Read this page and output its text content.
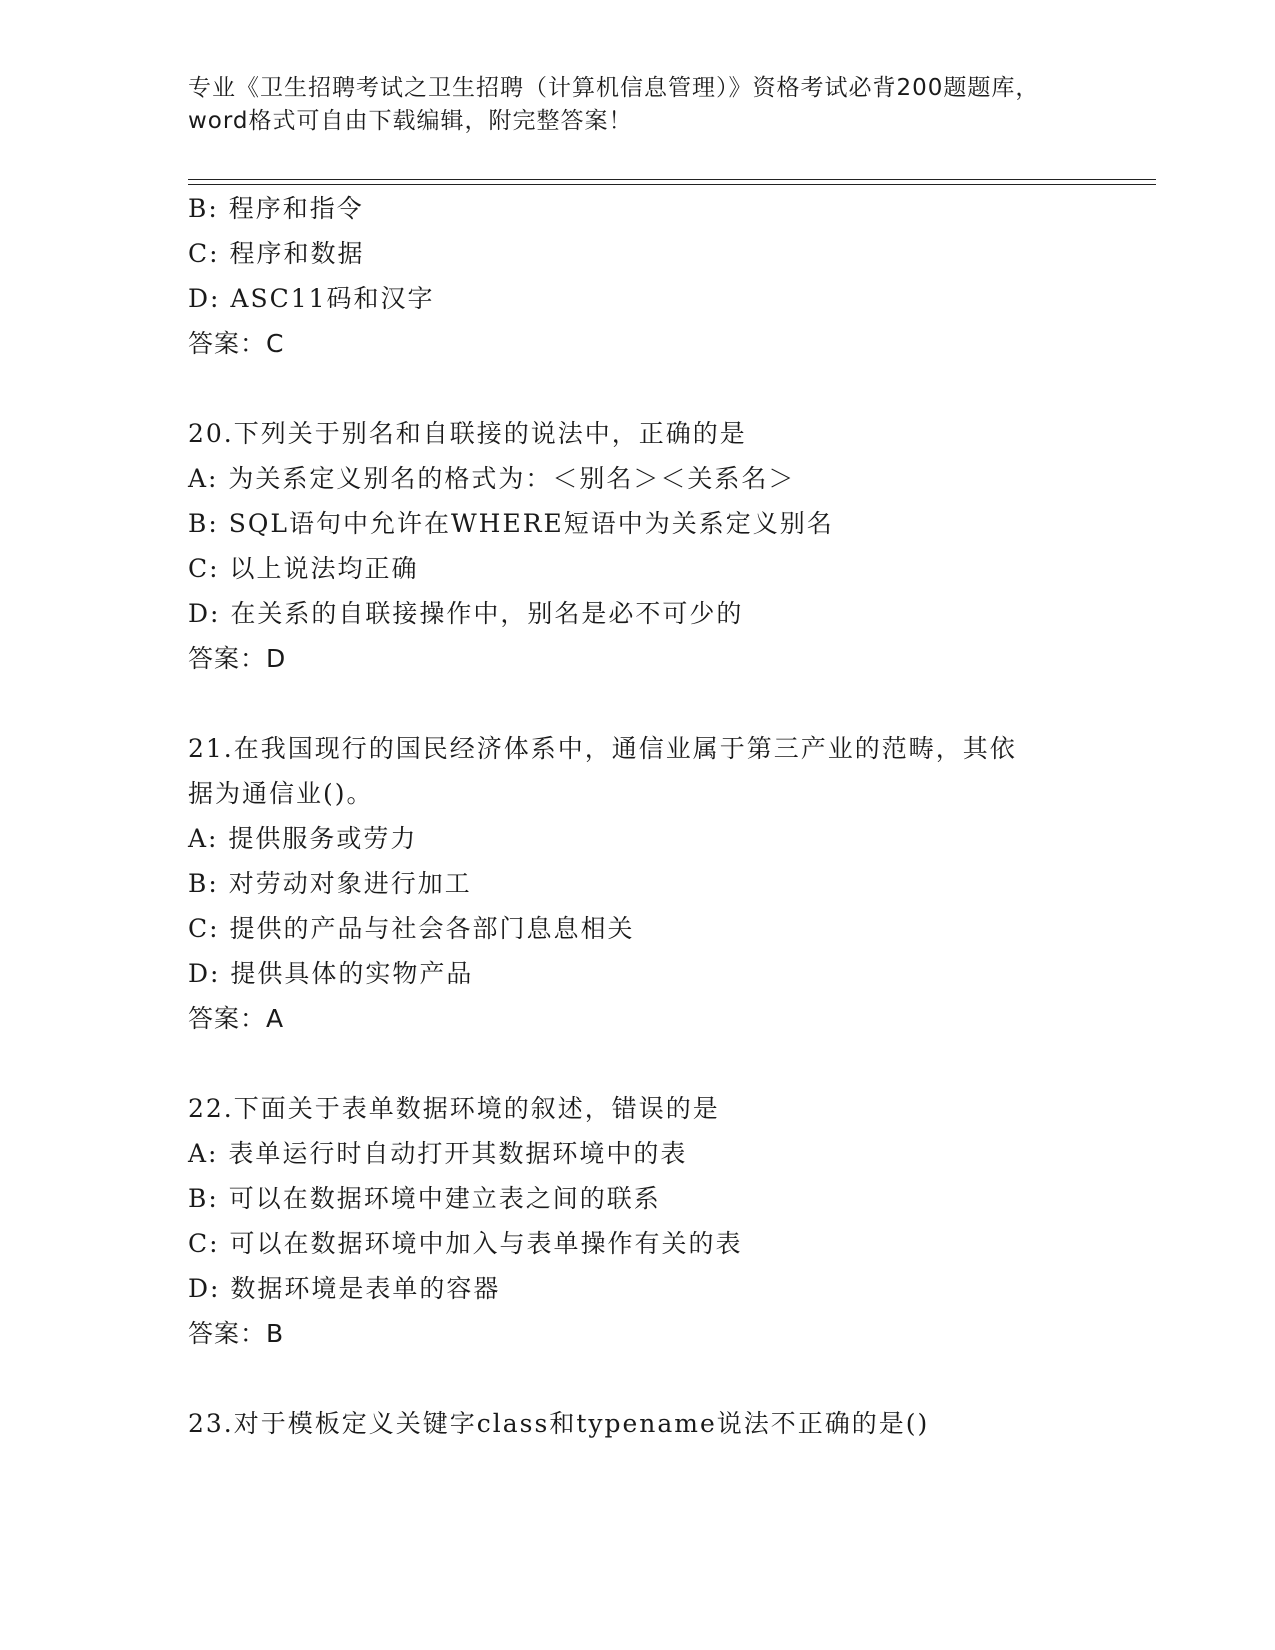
专业《卫生招聘考试之卫生招聘（计算机信息管理）》资格考试必背200题题库，
word格式可自由下载编辑，附完整答案！
B: 程序和指令
C: 程序和数据
D: ASC11码和汉字
答案：C
20.下列关于别名和自联接的说法中，正确的是
A: 为关系定义别名的格式为：＜别名＞＜关系名＞
B: SQL语句中允许在WHERE短语中为关系定义别名
C: 以上说法均正确
D: 在关系的自联接操作中，别名是必不可少的
答案：D
21.在我国现行的国民经济体系中，通信业属于第三产业的范畴，其依
据为通信业()。
A: 提供服务或劳力
B: 对劳动对象进行加工
C: 提供的产品与社会各部门息息相关
D: 提供具体的实物产品
答案：A
22.下面关于表单数据环境的叙述，错误的是
A: 表单运行时自动打开其数据环境中的表
B: 可以在数据环境中建立表之间的联系
C: 可以在数据环境中加入与表单操作有关的表
D: 数据环境是表单的容器
答案：B
23.对于模板定义关键字class和typename说法不正确的是()
